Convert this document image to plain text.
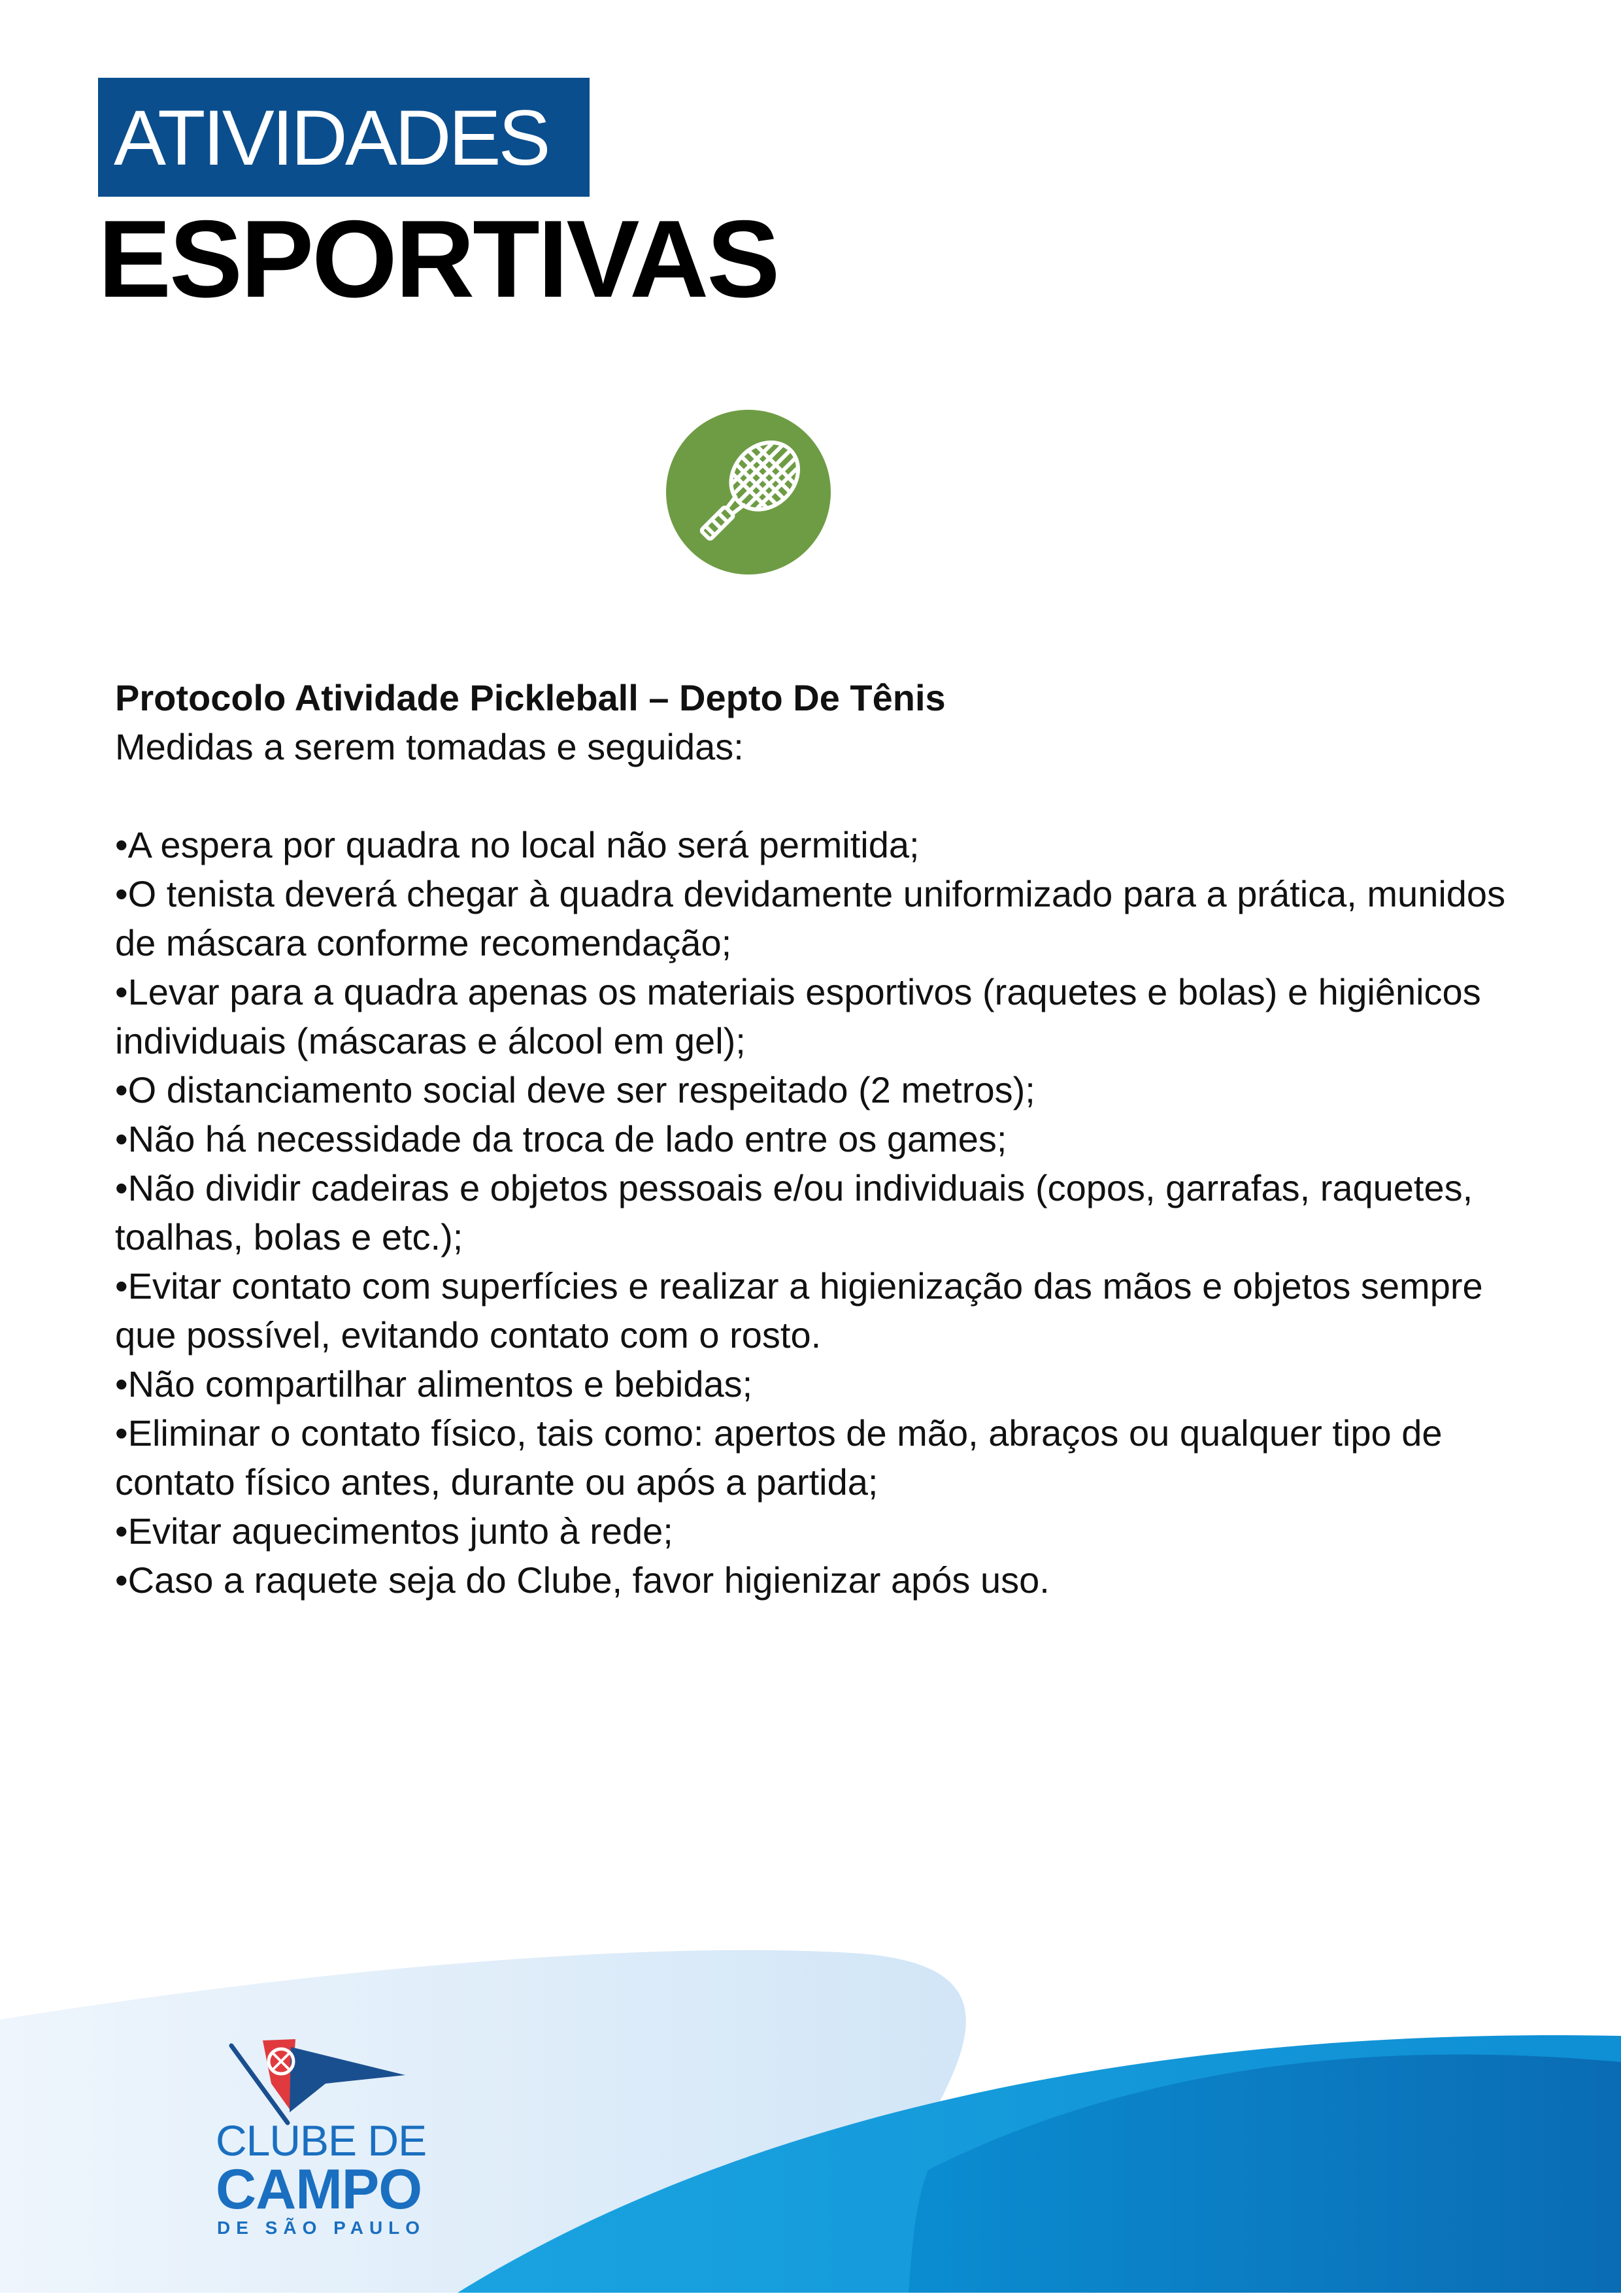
ATIVIDADES
ESPORTIVAS
Protocolo Atividade Pickleball – Depto De Tênis
Medidas a serem tomadas e seguidas:
•A espera por quadra no local não será permitida;
•O tenista deverá chegar à quadra devidamente uniformizado para a prática, munidos de máscara conforme recomendação;
•Levar para a quadra apenas os materiais esportivos (raquetes e bolas) e higiênicos individuais (máscaras e álcool em gel);
•O distanciamento social deve ser respeitado (2 metros);
•Não há necessidade da troca de lado entre os games;
•Não dividir cadeiras e objetos pessoais e/ou individuais (copos, garrafas, raquetes, toalhas, bolas e etc.);
•Evitar contato com superfícies e realizar a higienização das mãos e objetos sempre que possível, evitando contato com o rosto.
•Não compartilhar alimentos e bebidas;
•Eliminar o contato físico, tais como: apertos de mão, abraços ou qualquer tipo de contato físico antes, durante ou após a partida;
•Evitar aquecimentos junto à rede;
•Caso a raquete seja do Clube, favor higienizar após uso.
CLUBE DE
CAMPO
DE SÃO PAULO
